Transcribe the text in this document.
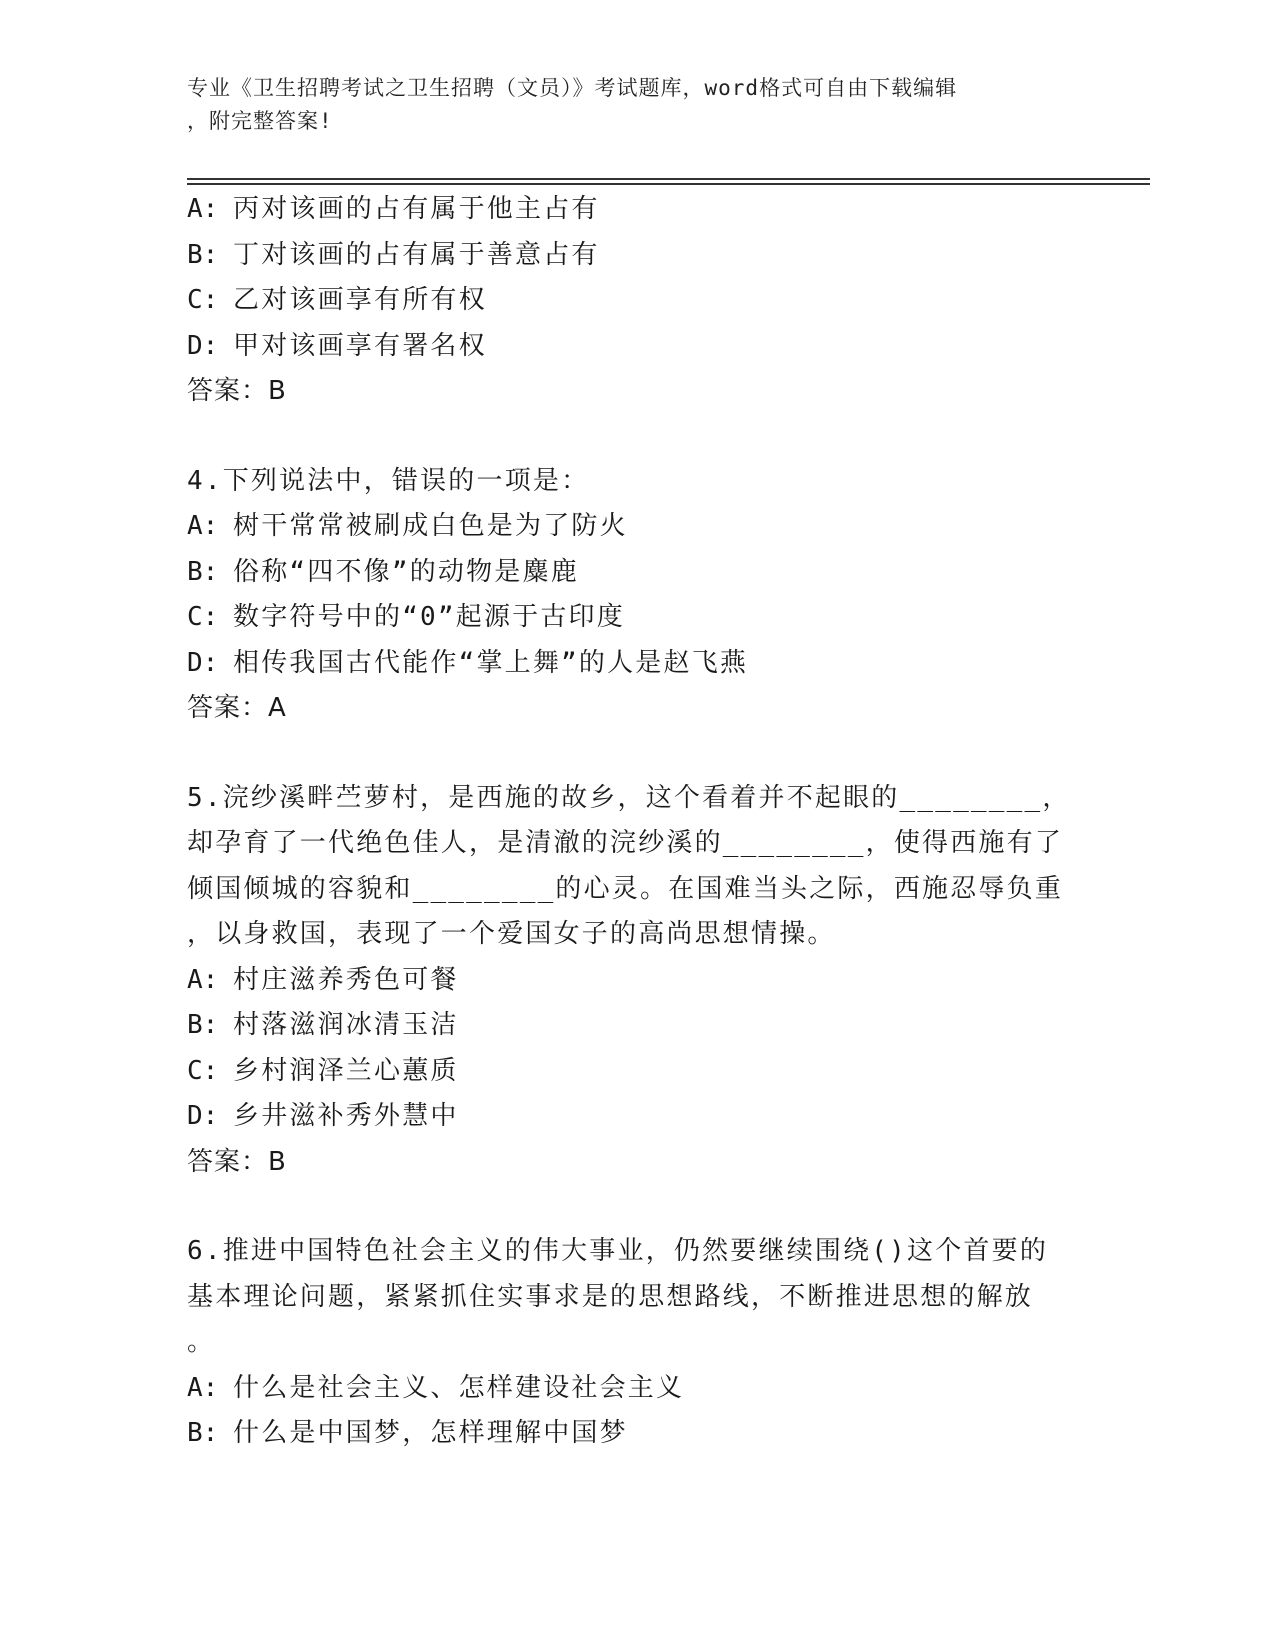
专业《卫生招聘考试之卫生招聘（文员）》考试题库，word格式可自由下载编辑
，附完整答案!
A: 丙对该画的占有属于他主占有
B: 丁对该画的占有属于善意占有
C: 乙对该画享有所有权
D: 甲对该画享有署名权
答案：B
4.下列说法中，错误的一项是：
A: 树干常常被刷成白色是为了防火
B: 俗称“四不像”的动物是麋鹿
C: 数字符号中的“0”起源于古印度
D: 相传我国古代能作“掌上舞”的人是赵飞燕
答案：A
5.浣纱溪畔苎萝村，是西施的故乡，这个看着并不起眼的________，
却孕育了一代绝色佳人，是清澈的浣纱溪的________，使得西施有了
倾国倾城的容貌和________的心灵。在国难当头之际，西施忍辱负重
，以身救国，表现了一个爱国女子的高尚思想情操。
A: 村庄滋养秀色可餐
B: 村落滋润冰清玉洁
C: 乡村润泽兰心蕙质
D: 乡井滋补秀外慧中
答案：B
6.推进中国特色社会主义的伟大事业，仍然要继续围绕()这个首要的
基本理论问题，紧紧抓住实事求是的思想路线，不断推进思想的解放
。
A: 什么是社会主义、怎样建设社会主义
B: 什么是中国梦，怎样理解中国梦
